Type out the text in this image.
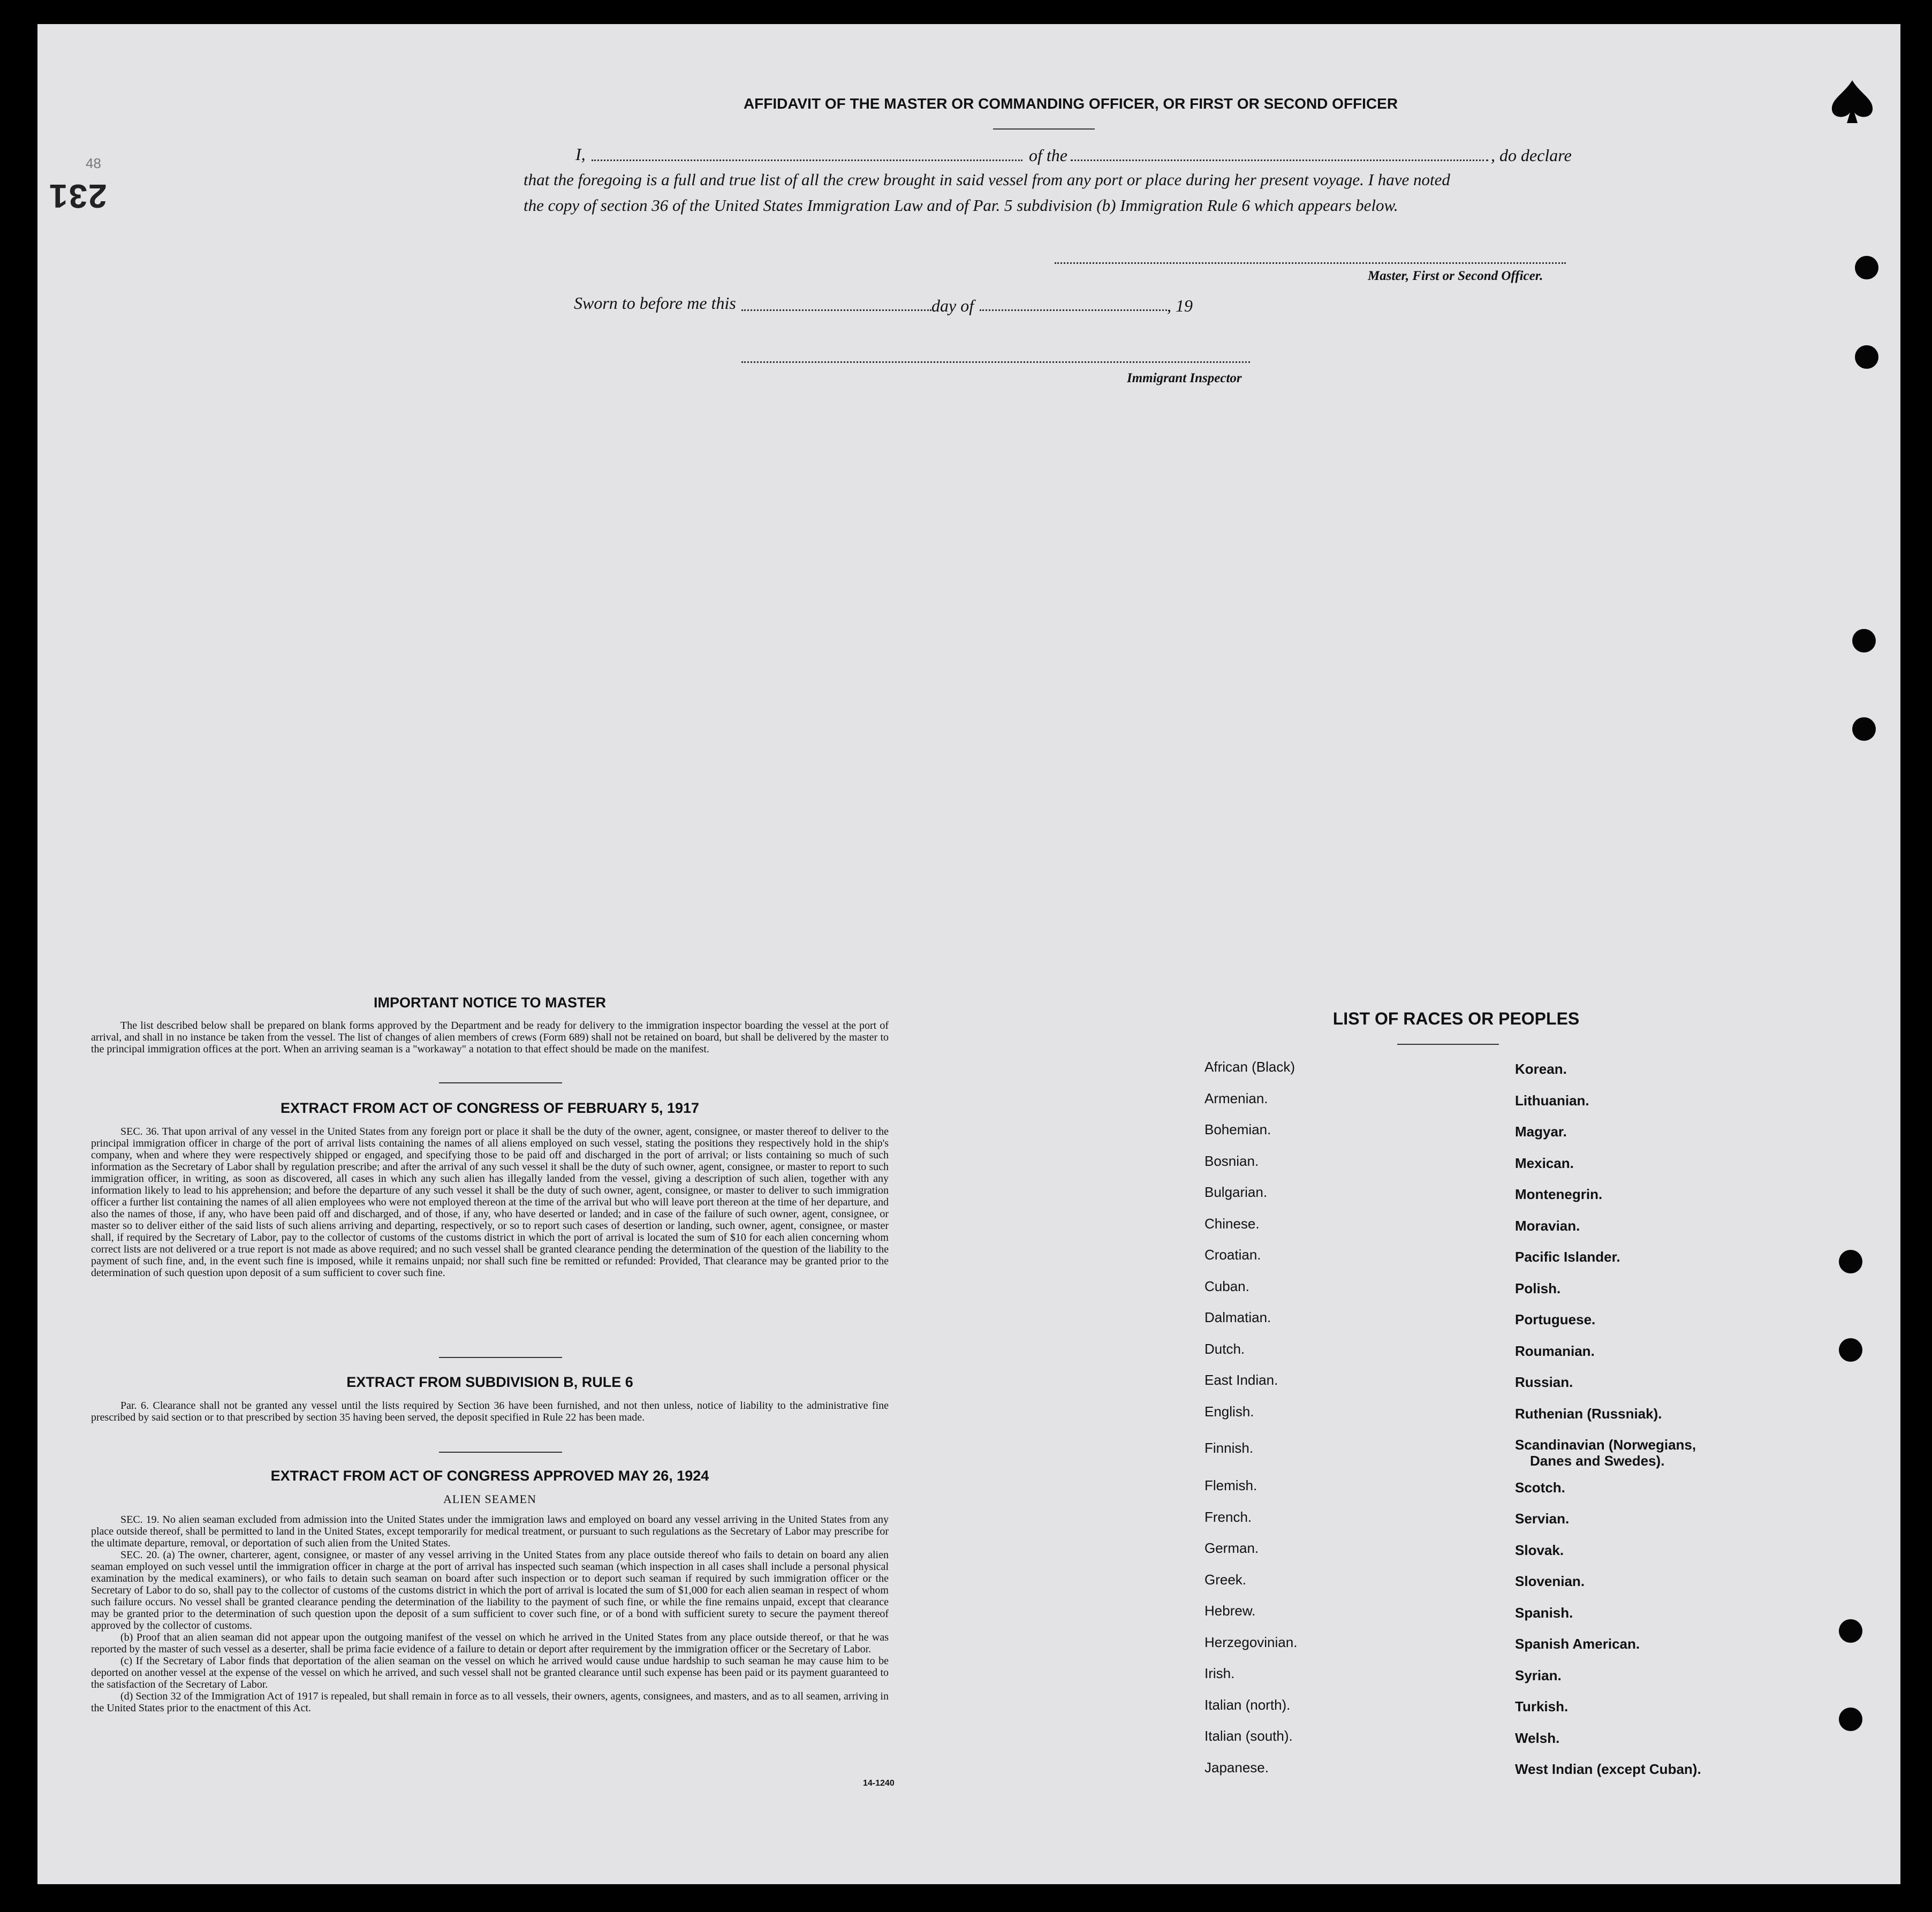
231
48
AFFIDAVIT OF THE MASTER OR COMMANDING OFFICER, OR FIRST OR SECOND OFFICER
I,	of the	, do declare
that the foregoing is a full and true list of all the crew brought in said vessel from any port or place during her present voyage. I have noted
the copy of section 36 of the United States Immigration Law and of Par. 5 subdivision (b) Immigration Rule 6 which appears below.
Master, First or Second Officer.
Sworn to before me this	day of	, 19
Immigrant Inspector
IMPORTANT NOTICE TO MASTER

The list described below shall be prepared on blank forms approved by the Department and be ready for delivery to the immigration inspector boarding the vessel at the port of arrival, and shall in no instance be taken from the vessel. The list of changes of alien members of crews (Form 689) shall not be retained on board, but shall be delivered by the master to the principal immigration offices at the port. When an arriving seaman is a "workaway" a notation to that effect should be made on the manifest.

EXTRACT FROM ACT OF CONGRESS OF FEBRUARY 5, 1917

SEC. 36. That upon arrival of any vessel in the United States from any foreign port or place it shall be the duty of the owner, agent, consignee, or master thereof to deliver to the principal immigration officer in charge of the port of arrival lists containing the names of all aliens employed on such vessel, stating the positions they respectively hold in the ship's company, when and where they were respectively shipped or engaged, and specifying those to be paid off and discharged in the port of arrival; or lists containing so much of such information as the Secretary of Labor shall by regulation prescribe; and after the arrival of any such vessel it shall be the duty of such owner, agent, consignee, or master to report to such immigration officer, in writing, as soon as discovered, all cases in which any such alien has illegally landed from the vessel, giving a description of such alien, together with any information likely to lead to his apprehension; and before the departure of any such vessel it shall be the duty of such owner, agent, consignee, or master to deliver to such immigration officer a further list containing the names of all alien employees who were not employed thereon at the time of the arrival but who will leave port thereon at the time of her departure, and also the names of those, if any, who have been paid off and discharged, and of those, if any, who have deserted or landed; and in case of the failure of such owner, agent, consignee, or master so to deliver either of the said lists of such aliens arriving and departing, respectively, or so to report such cases of desertion or landing, such owner, agent, consignee, or master shall, if required by the Secretary of Labor, pay to the collector of customs of the customs district in which the port of arrival is located the sum of $10 for each alien concerning whom correct lists are not delivered or a true report is not made as above required; and no such vessel shall be granted clearance pending the determination of the question of the liability to the payment of such fine, and, in the event such fine is imposed, while it remains unpaid; nor shall such fine be remitted or refunded: Provided, That clearance may be granted prior to the determination of such question upon deposit of a sum sufficient to cover such fine.

EXTRACT FROM SUBDIVISION B, RULE 6

Par. 6. Clearance shall not be granted any vessel until the lists required by Section 36 have been furnished, and not then unless, notice of liability to the administrative fine prescribed by said section or to that prescribed by section 35 having been served, the deposit specified in Rule 22 has been made.

EXTRACT FROM ACT OF CONGRESS APPROVED MAY 26, 1924
ALIEN SEAMEN

SEC. 19. No alien seaman excluded from admission into the United States under the immigration laws and employed on board any vessel arriving in the United States from any place outside thereof, shall be permitted to land in the United States, except temporarily for medical treatment, or pursuant to such regulations as the Secretary of Labor may prescribe for the ultimate departure, removal, or deportation of such alien from the United States.

SEC. 20. (a) The owner, charterer, agent, consignee, or master of any vessel arriving in the United States from any place outside thereof who fails to detain on board any alien seaman employed on such vessel until the immigration officer in charge at the port of arrival has inspected such seaman (which inspection in all cases shall include a personal physical examination by the medical examiners), or who fails to detain such seaman on board after such inspection or to deport such seaman if required by such immigration officer or the Secretary of Labor to do so, shall pay to the collector of customs of the customs district in which the port of arrival is located the sum of $1,000 for each alien seaman in respect of whom such failure occurs. No vessel shall be granted clearance pending the determination of the liability to the payment of such fine, or while the fine remains unpaid, except that clearance may be granted prior to the determination of such question upon the deposit of a sum sufficient to cover such fine, or of a bond with sufficient surety to secure the payment thereof approved by the collector of customs.

(b) Proof that an alien seaman did not appear upon the outgoing manifest of the vessel on which he arrived in the United States from any place outside thereof, or that he was reported by the master of such vessel as a deserter, shall be prima facie evidence of a failure to detain or deport after requirement by the immigration officer or the Secretary of Labor.

(c) If the Secretary of Labor finds that deportation of the alien seaman on the vessel on which he arrived would cause undue hardship to such seaman he may cause him to be deported on another vessel at the expense of the vessel on which he arrived, and such vessel shall not be granted clearance until such expense has been paid or its payment guaranteed to the satisfaction of the Secretary of Labor.

(d) Section 32 of the Immigration Act of 1917 is repealed, but shall remain in force as to all vessels, their owners, agents, consignees, and masters, and as to all seamen, arriving in the United States prior to the enactment of this Act.

14-1240
LIST OF RACES OR PEOPLES
African (Black)
Armenian.
Bohemian.
Bosnian.
Bulgarian.
Chinese.
Croatian.
Cuban.
Dalmatian.
Dutch.
East Indian.
English.
Finnish.
Flemish.
French.
German.
Greek.
Hebrew.
Herzegovinian.
Irish.
Italian (north).
Italian (south).
Japanese.
Korean.
Lithuanian.
Magyar.
Mexican.
Montenegrin.
Moravian.
Pacific Islander.
Polish.
Portuguese.
Roumanian.
Russian.
Ruthenian (Russniak).
Scandinavian (Norwegians,
Danes and Swedes).
Scotch.
Servian.
Slovak.
Slovenian.
Spanish.
Spanish American.
Syrian.
Turkish.
Welsh.
West Indian (except Cuban).
